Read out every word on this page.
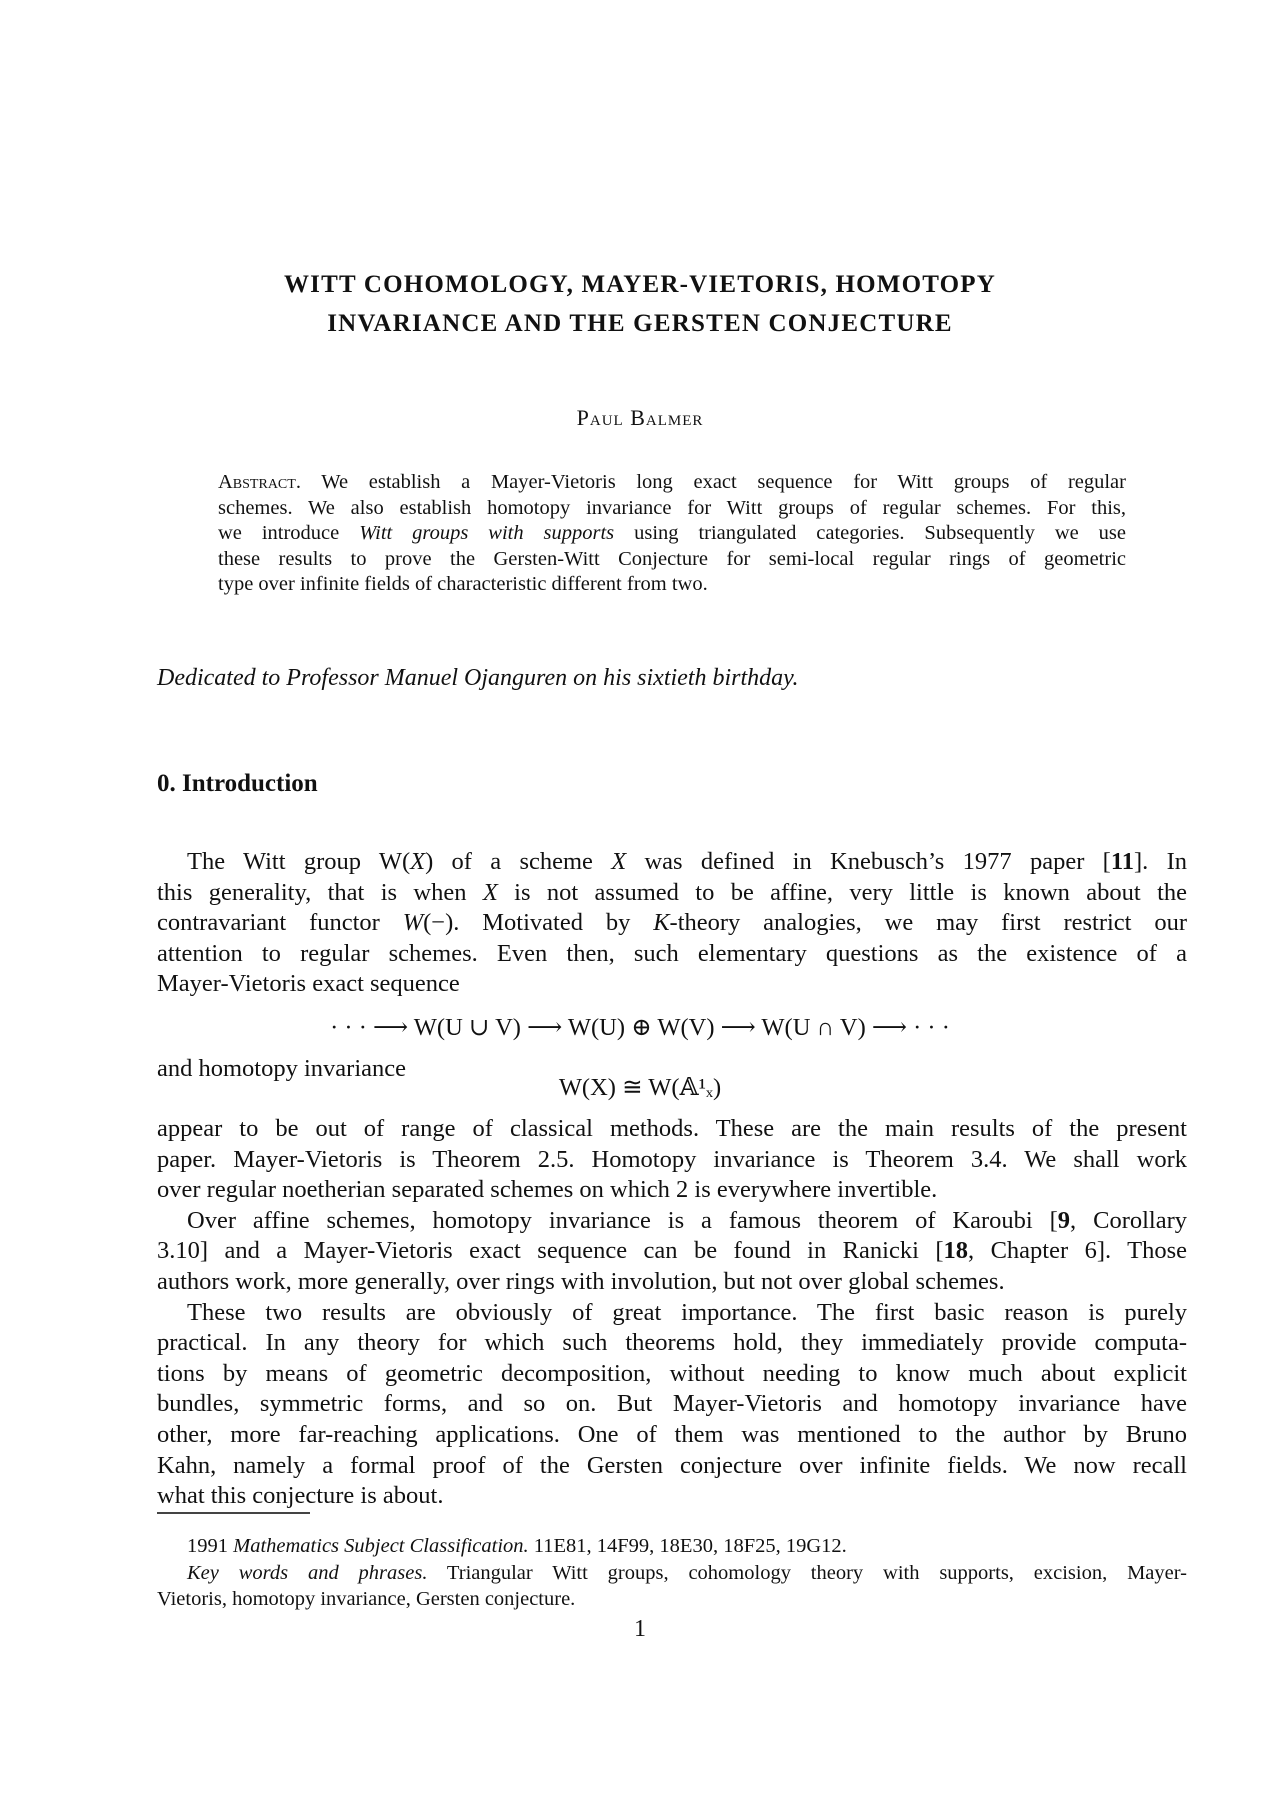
WITT COHOMOLOGY, MAYER-VIETORIS, HOMOTOPY
INVARIANCE AND THE GERSTEN CONJECTURE
Paul Balmer
Abstract. We establish a Mayer-Vietoris long exact sequence for Witt groups of regular
schemes. We also establish homotopy invariance for Witt groups of regular schemes. For this,
we introduce Witt groups with supports using triangulated categories. Subsequently we use
these results to prove the Gersten-Witt Conjecture for semi-local regular rings of geometric
type over infinite fields of characteristic different from two.
Dedicated to Professor Manuel Ojanguren on his sixtieth birthday.
0. Introduction
The Witt group W(X) of a scheme X was defined in Knebusch’s 1977 paper [11]. In
this generality, that is when X is not assumed to be affine, very little is known about the
contravariant functor W(−). Motivated by K-theory analogies, we may first restrict our
attention to regular schemes. Even then, such elementary questions as the existence of a
Mayer-Vietoris exact sequence
· · · ⟶ W(U ∪ V) ⟶ W(U) ⊕ W(V) ⟶ W(U ∩ V) ⟶ · · ·
and homotopy invariance
W(X) ≅ W(𝔸¹ₓ)
appear to be out of range of classical methods. These are the main results of the present
paper. Mayer-Vietoris is Theorem 2.5. Homotopy invariance is Theorem 3.4. We shall work
over regular noetherian separated schemes on which 2 is everywhere invertible.
Over affine schemes, homotopy invariance is a famous theorem of Karoubi [9, Corollary
3.10] and a Mayer-Vietoris exact sequence can be found in Ranicki [18, Chapter 6]. Those
authors work, more generally, over rings with involution, but not over global schemes.
These two results are obviously of great importance. The first basic reason is purely
practical. In any theory for which such theorems hold, they immediately provide computa-
tions by means of geometric decomposition, without needing to know much about explicit
bundles, symmetric forms, and so on. But Mayer-Vietoris and homotopy invariance have
other, more far-reaching applications. One of them was mentioned to the author by Bruno
Kahn, namely a formal proof of the Gersten conjecture over infinite fields. We now recall
what this conjecture is about.
1991 Mathematics Subject Classification. 11E81, 14F99, 18E30, 18F25, 19G12.
Key words and phrases. Triangular Witt groups, cohomology theory with supports, excision, Mayer-
Vietoris, homotopy invariance, Gersten conjecture.
1
